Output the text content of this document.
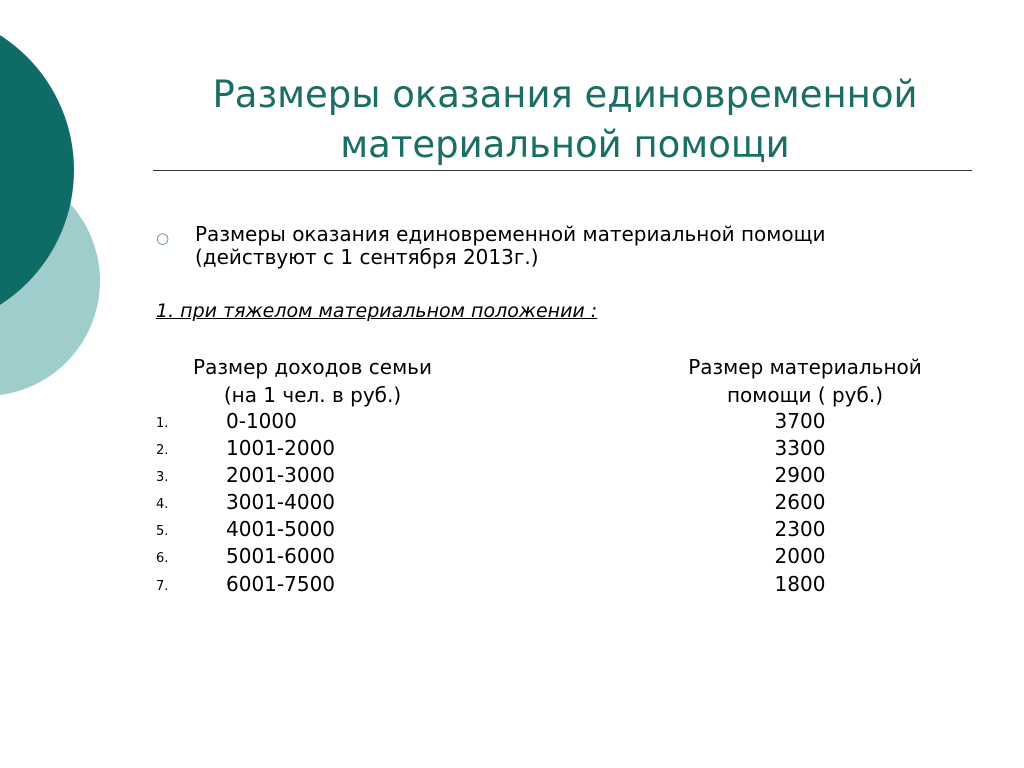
Размеры оказания единовременной
материальной помощи
○ Размеры оказания единовременной материальной помощи
(действуют с 1 сентября 2013г.)
1. при тяжелом материальном положении :
Размер доходов семьи
(на 1 чел. в руб.)
Размер материальной
помощи ( руб.)
1.	0-1000	3700
2.	1001-2000	3300
3.	2001-3000	2900
4.	3001-4000	2600
5.	4001-5000	2300
6.	5001-6000	2000
7.	6001-7500	1800
